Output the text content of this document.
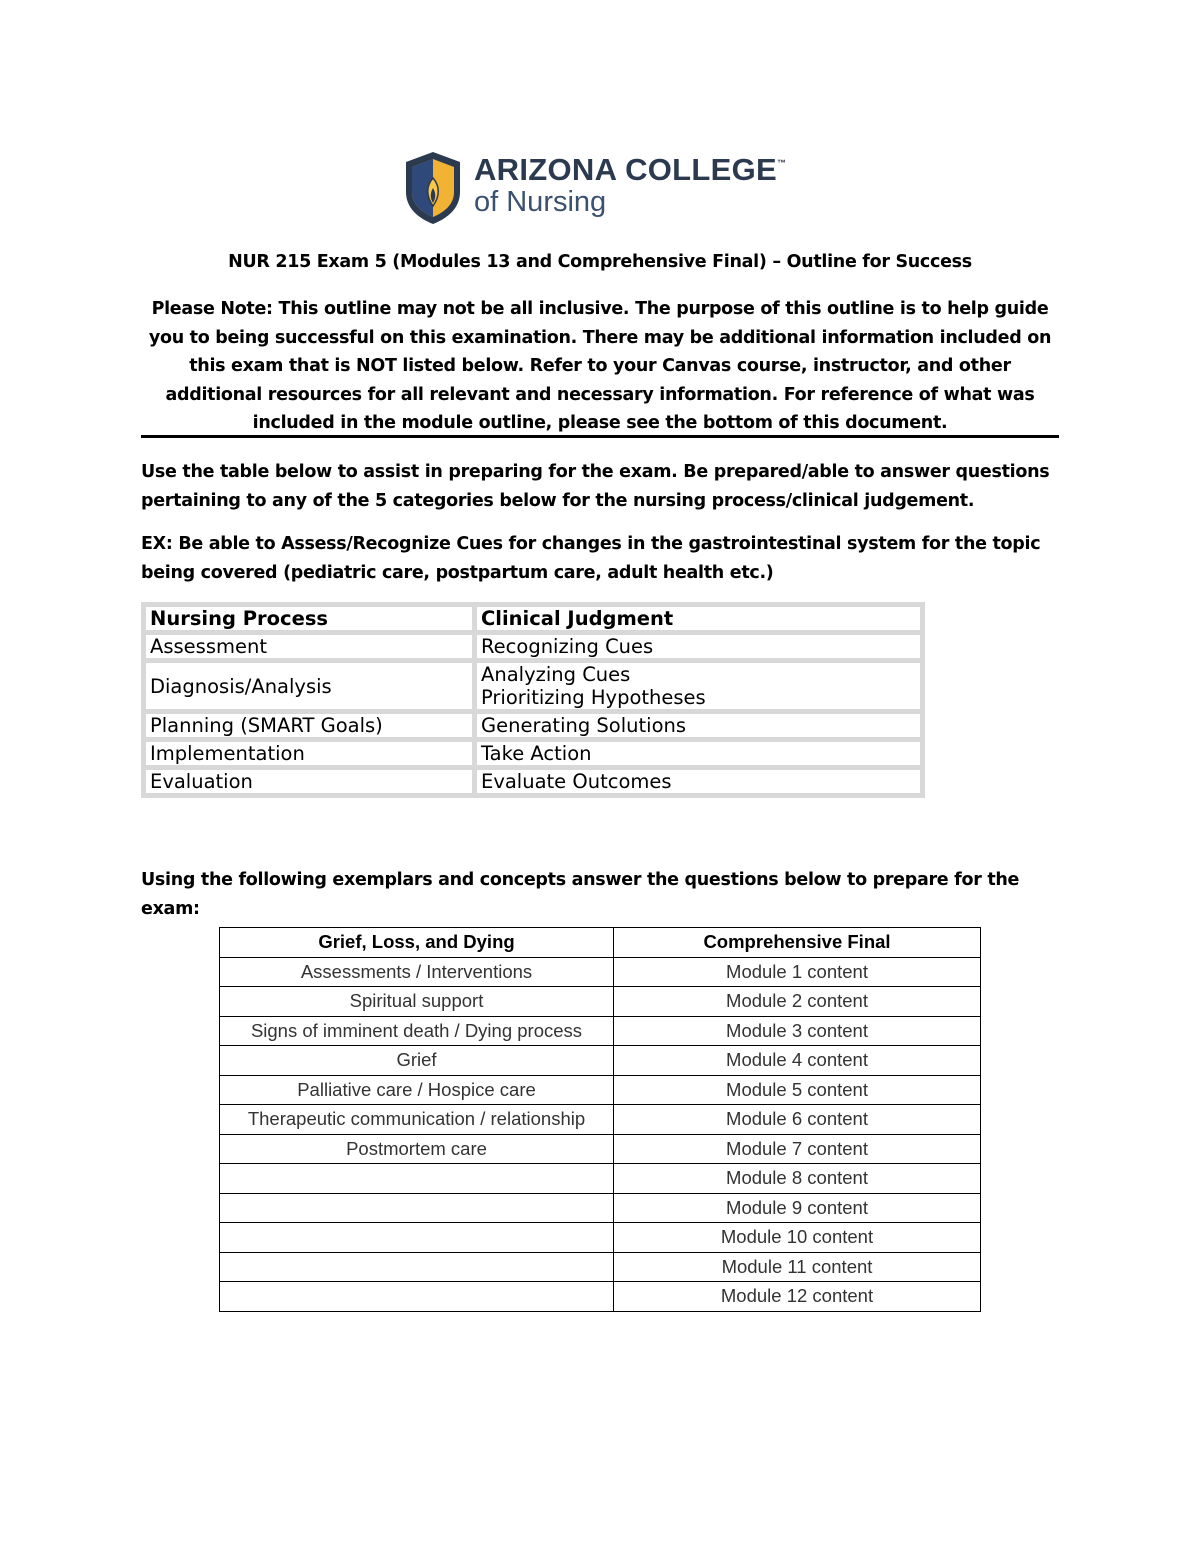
ARIZONA COLLEGE™
of Nursing
NUR 215 Exam 5 (Modules 13 and Comprehensive Final) – Outline for Success
Please Note: This outline may not be all inclusive. The purpose of this outline is to help guide you to being successful on this examination. There may be additional information included on this exam that is NOT listed below. Refer to your Canvas course, instructor, and other additional resources for all relevant and necessary information. For reference of what was included in the module outline, please see the bottom of this document.
Use the table below to assist in preparing for the exam. Be prepared/able to answer questions pertaining to any of the 5 categories below for the nursing process/clinical judgement.
EX: Be able to Assess/Recognize Cues for changes in the gastrointestinal system for the topic being covered (pediatric care, postpartum care, adult health etc.)
Nursing Process	Clinical Judgment
Assessment	Recognizing Cues
Diagnosis/Analysis	Analyzing Cues
Prioritizing Hypotheses

Planning (SMART Goals)	Generating Solutions
Implementation	Take Action
Evaluation	Evaluate Outcomes
Using the following exemplars and concepts answer the questions below to prepare for the exam:
Grief, Loss, and Dying	Comprehensive Final
Assessments / Interventions	Module 1 content
Spiritual support	Module 2 content
Signs of imminent death / Dying process	Module 3 content
Grief	Module 4 content
Palliative care / Hospice care	Module 5 content
Therapeutic communication / relationship	Module 6 content
Postmortem care	Module 7 content
	Module 8 content
	Module 9 content
	Module 10 content
	Module 11 content
	Module 12 content
